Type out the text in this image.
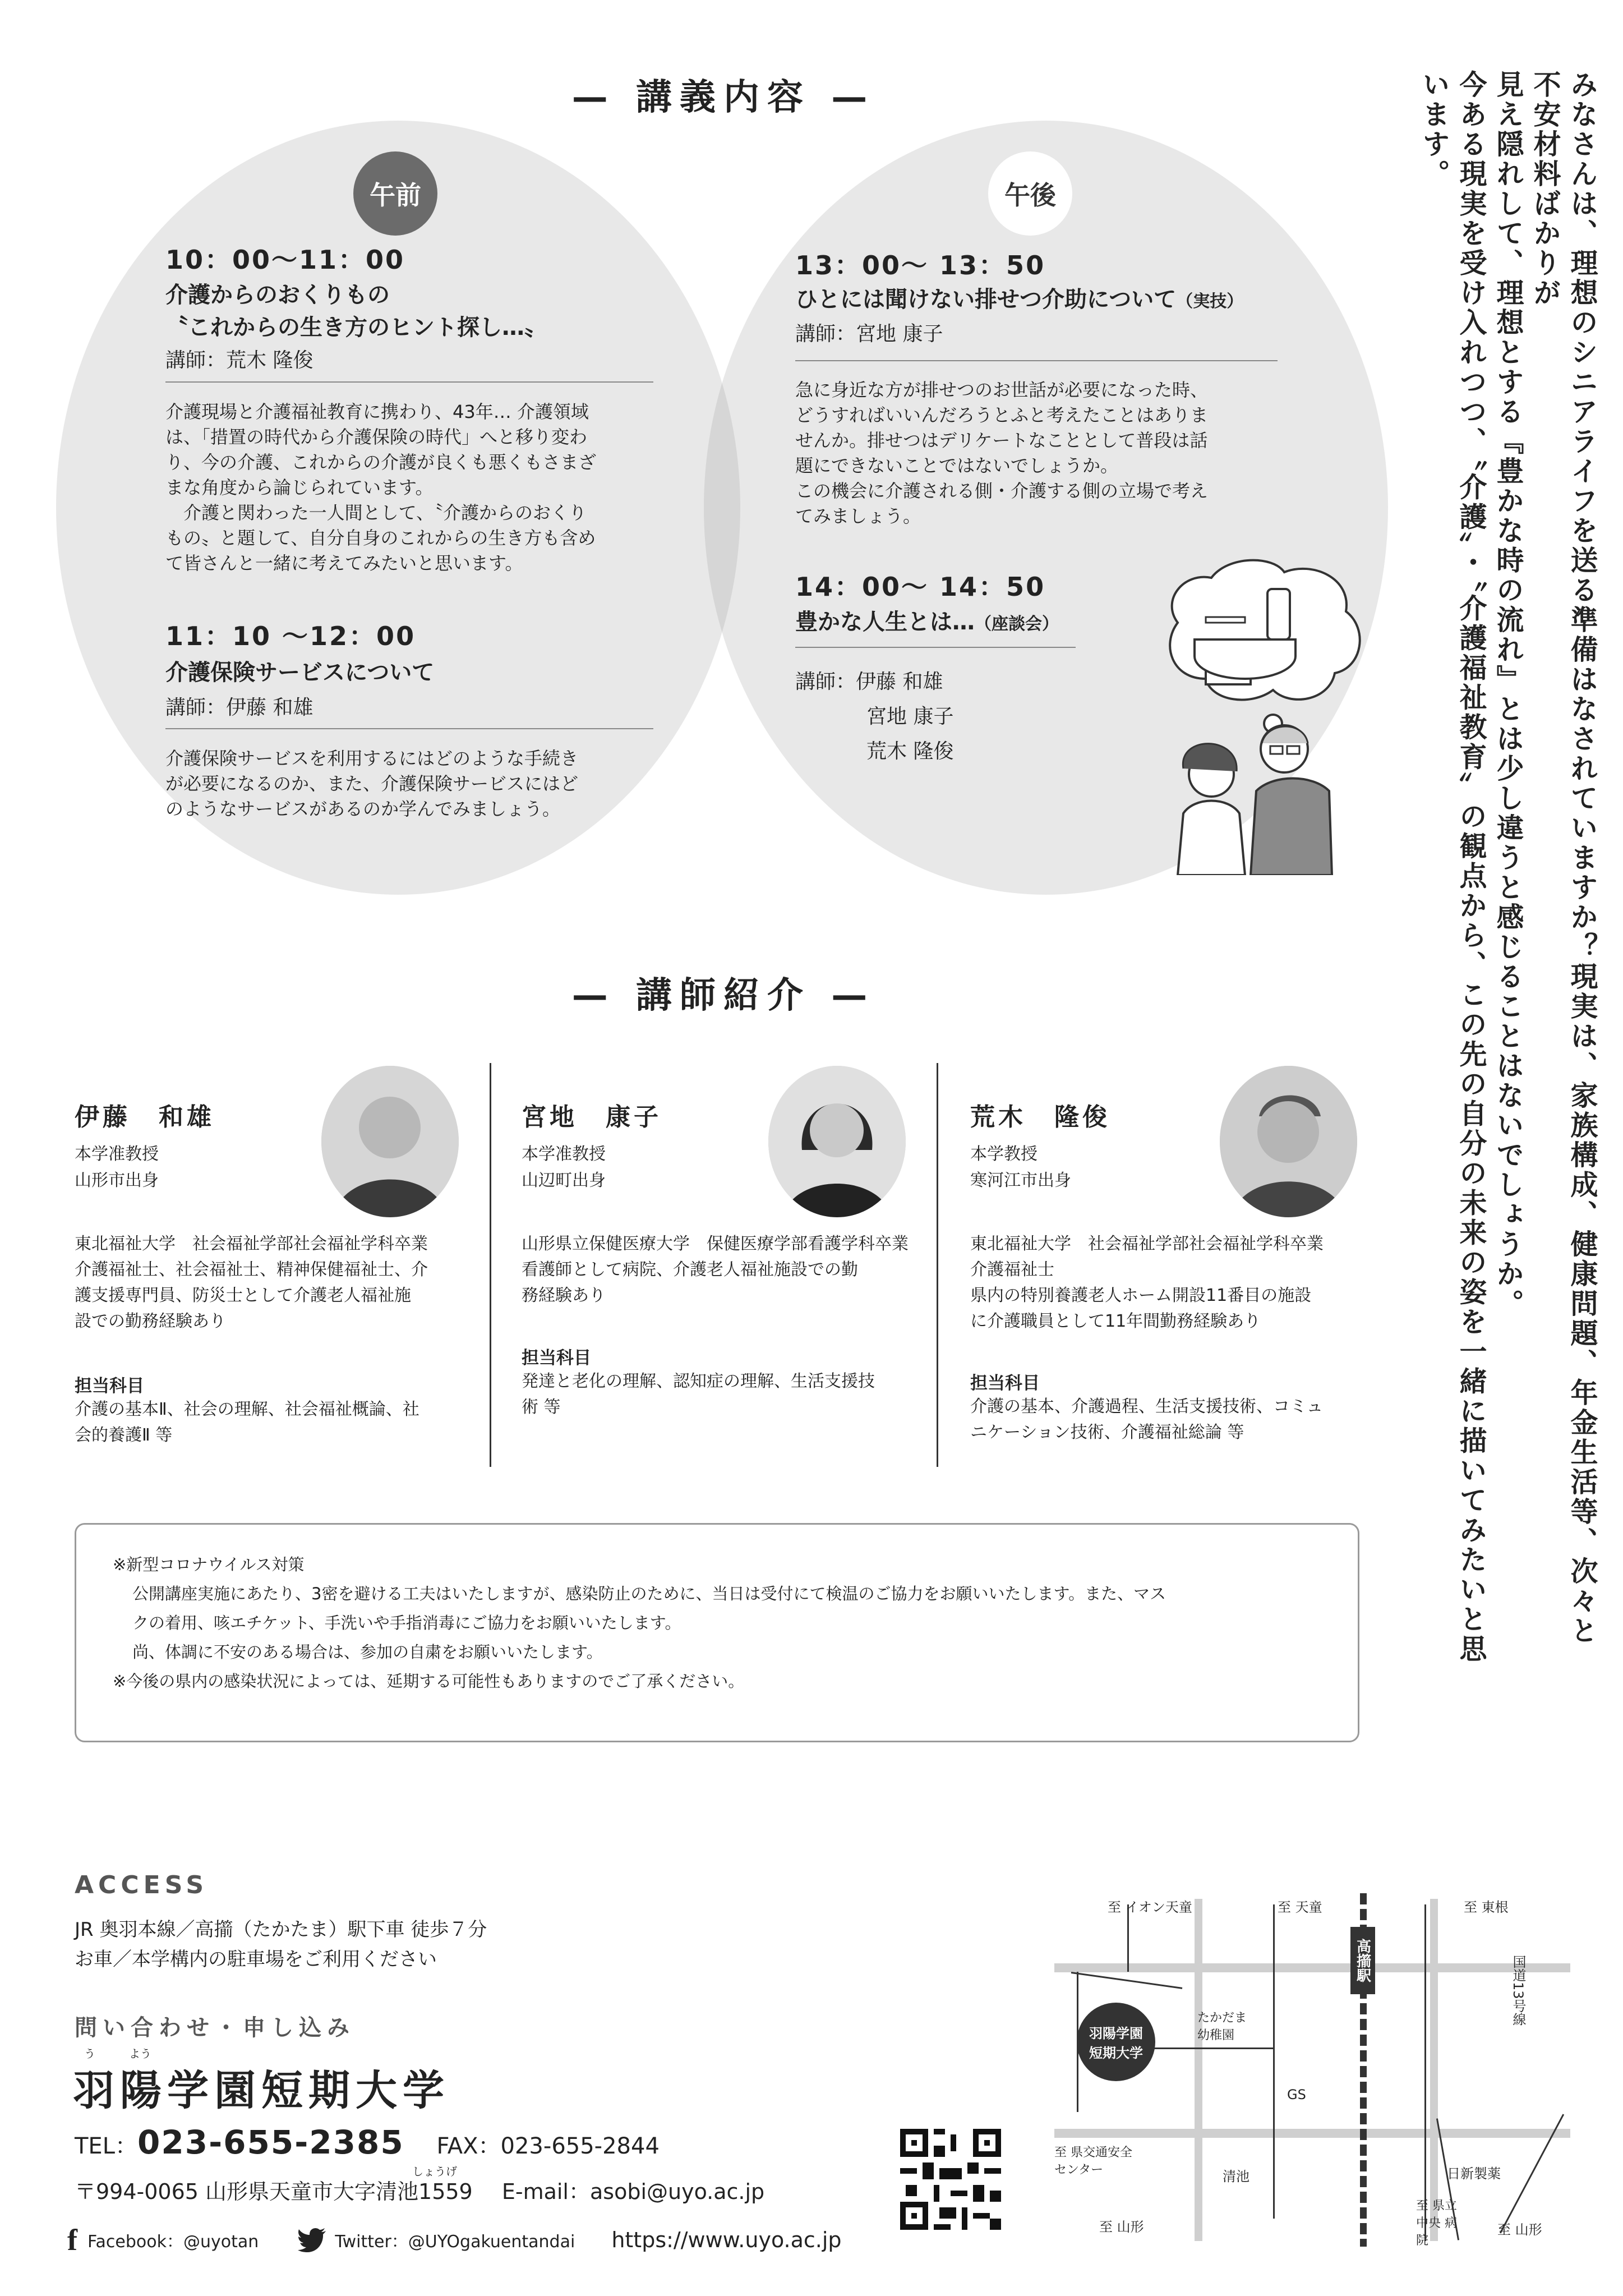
— 講義内容 —
午前
10：00～11：00
介護からのおくりもの
〝これからの生き方のヒント探し…〟
講師：荒木 隆俊
介護現場と介護福祉教育に携わり、43年… 介護領域
は、「措置の時代から介護保険の時代」へと移り変わ
り、今の介護、これからの介護が良くも悪くもさまざ
まな角度から論じられています。
　介護と関わった一人間として、〝介護からのおくり
もの〟と題して、自分自身のこれからの生き方も含め
て皆さんと一緒に考えてみたいと思います。
11：10 ～12：00
介護保険サービスについて
講師：伊藤 和雄
介護保険サービスを利用するにはどのような手続き
が必要になるのか、また、介護保険サービスにはど
のようなサービスがあるのか学んでみましょう。
午後
13：00～ 13：50
ひとには聞けない排せつ介助について（実技）
講師：宮地 康子
急に身近な方が排せつのお世話が必要になった時、
どうすればいいんだろうとふと考えたことはありま
せんか。排せつはデリケートなこととして普段は話
題にできないことではないでしょうか。
この機会に介護される側・介護する側の立場で考え
てみましょう。
14：00～ 14：50
豊かな人生とは…（座談会）
講師：伊藤 和雄
宮地 康子
荒木 隆俊	みなさんは、理想のシニアライフを送る準備はなされていますか？現実は、家族構成、健康問題、年金生活等、次々と不安材料ばかりが
見え隠れして、理想とする『豊かな時の流れ』とは少し違うと感じることはないでしょうか。
今ある現実を受け入れつつ、〝介護〟・〝介護福祉教育〟の観点から、この先の自分の未来の姿を一緒に描いてみたいと思います。
— 講師紹介 —
伊藤　和雄
本学准教授
山形市出身
東北福祉大学　社会福祉学部社会福祉学科卒業
介護福祉士、社会福祉士、精神保健福祉士、介
護支援専門員、防災士として介護老人福祉施
設での勤務経験あり
担当科目
介護の基本Ⅱ、社会の理解、社会福祉概論、社
会的養護Ⅱ 等
宮地　康子
本学准教授
山辺町出身
山形県立保健医療大学　保健医療学部看護学科卒業
看護師として病院、介護老人福祉施設での勤
務経験あり
担当科目
発達と老化の理解、認知症の理解、生活支援技
術 等
荒木　隆俊
本学教授
寒河江市出身
東北福祉大学　社会福祉学部社会福祉学科卒業
介護福祉士
県内の特別養護老人ホーム開設11番目の施設
に介護職員として11年間勤務経験あり
担当科目
介護の基本、介護過程、生活支援技術、コミュ
ニケーション技術、介護福祉総論 等
※新型コロナウイルス対策
公開講座実施にあたり、3密を避ける工夫はいたしますが、感染防止のために、当日は受付にて検温のご協力をお願いいたします。また、マス
クの着用、咳エチケット、手洗いや手指消毒にご協力をお願いいたします。
尚、体調に不安のある場合は、参加の自粛をお願いいたします。
※今後の県内の感染状況によっては、延期する可能性もありますのでご了承ください。
ACCESS
JR 奥羽本線／高擶（たかたま）駅下車 徒歩７分
お車／本学構内の駐車場をご利用ください
問い合わせ・申し込み
う	よう
羽陽学園短期大学
TEL：023-655-2385 FAX：023-655-2844
しょうげ
〒994-0065 山形県天童市大字清池1559 E-mail：asobi@uyo.ac.jp
f Facebook：@uyotan	Twitter：@UYOgakuentandai https://www.uyo.ac.jp
高擶駅
至 イオン天童	至 天童	至 東根
国道13号線
羽陽学園 短期大学
たかだま 幼稚園
GS
至 県交通安全 センター	清池	日新製薬
至 山形
至 県立 中央 病院
至 山形
